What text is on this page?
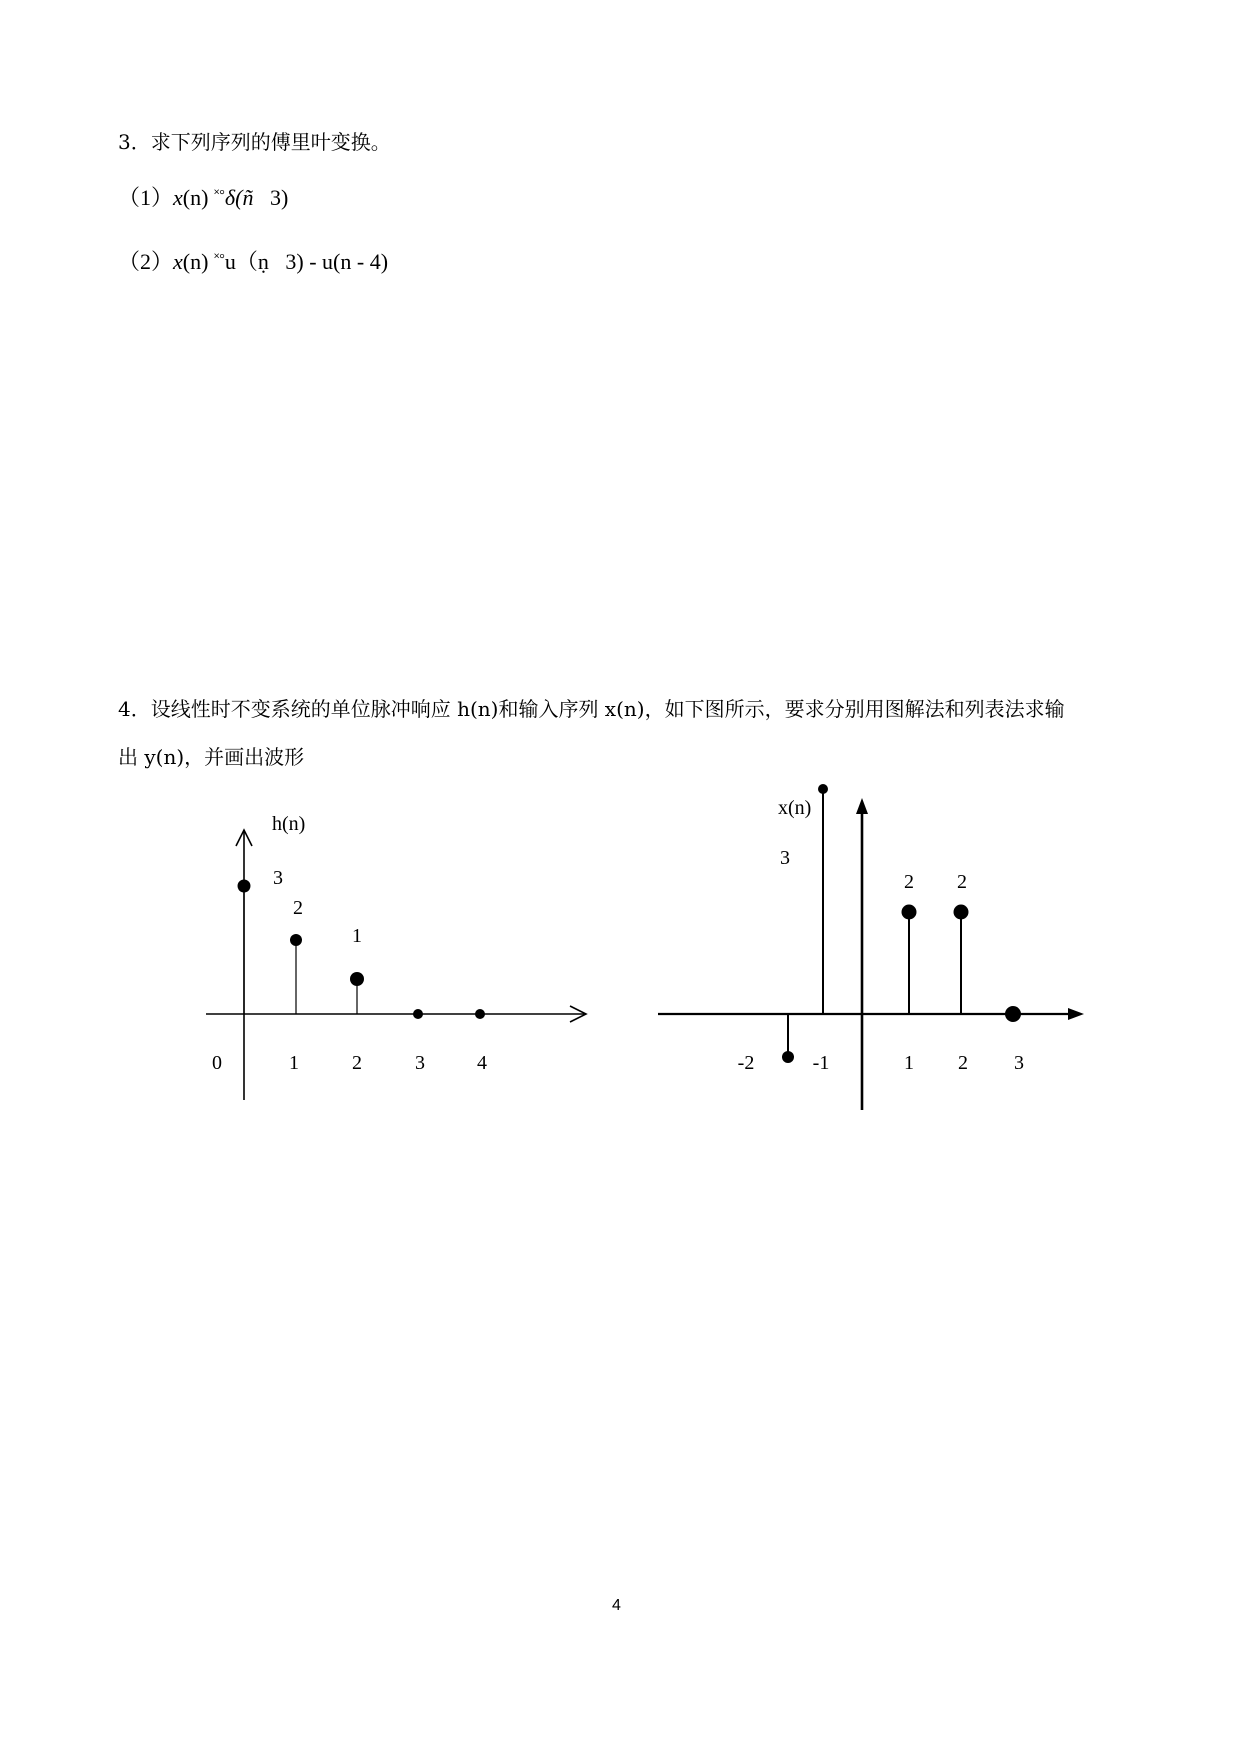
3．求下列序列的傅里叶变换。
（1）x(n) ˟°δ(ñ   3)
（2）x(n) ˟°u（ṇ   3) - u(n - 4)
4．设线性时不变系统的单位脉冲响应 h(n)和输入序列 x(n)，如下图所示，要求分别用图解法和列表法求输
出 y(n)，并画出波形
h(n)
0	1	2	3	4
3
2
1
x(n)
-2	-1	1 2 3
3
2 2
4
